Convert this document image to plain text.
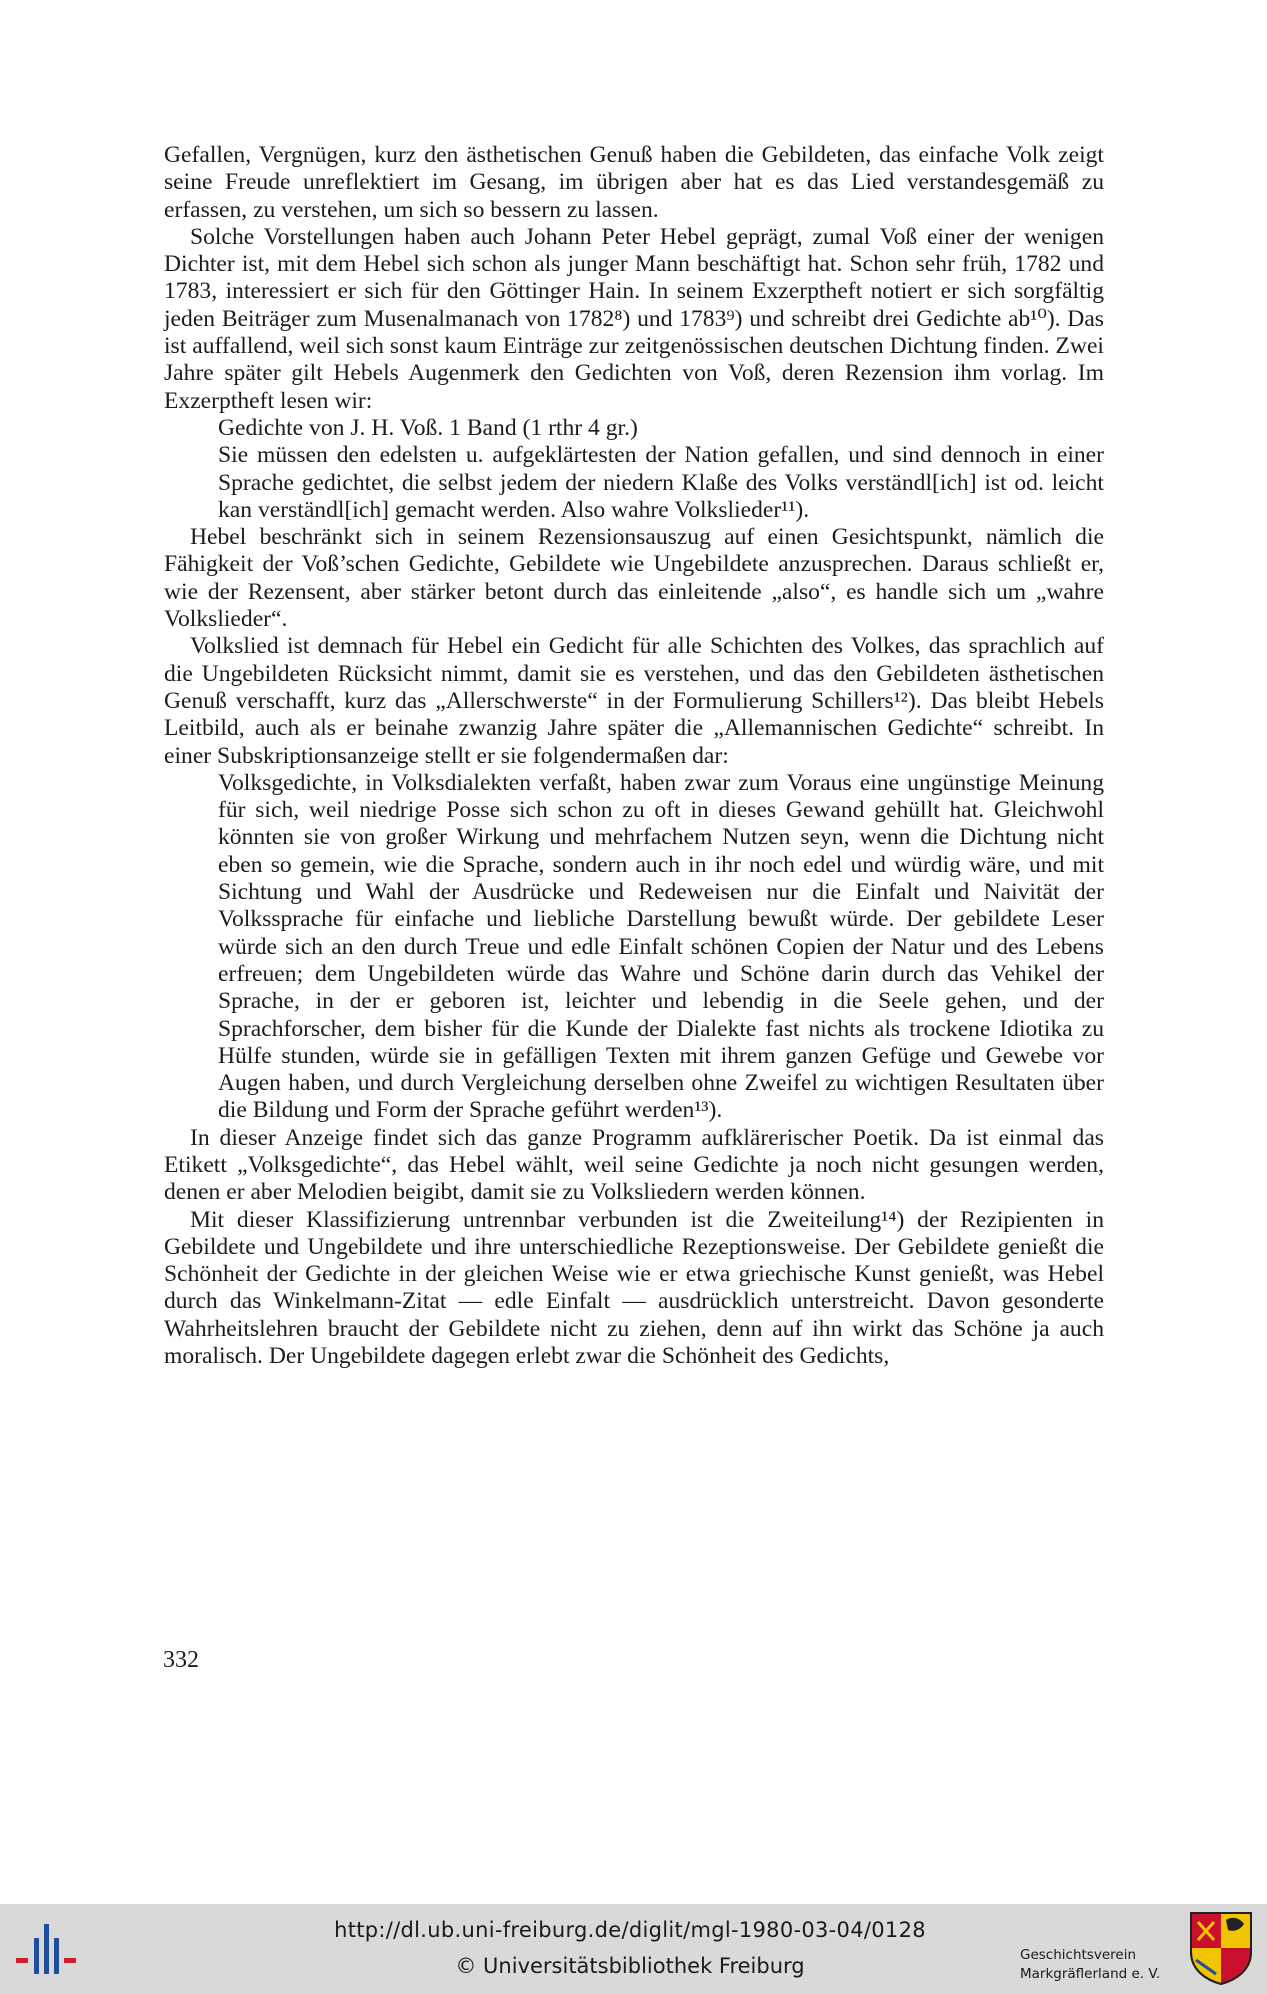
Gefallen, Vergnügen, kurz den ästhetischen Genuß haben die Gebildeten, das einfache Volk zeigt seine Freude unreflektiert im Gesang, im übrigen aber hat es das Lied verstandesgemäß zu erfassen, zu verstehen, um sich so bessern zu lassen.

Solche Vorstellungen haben auch Johann Peter Hebel geprägt, zumal Voß einer der wenigen Dichter ist, mit dem Hebel sich schon als junger Mann beschäftigt hat. Schon sehr früh, 1782 und 1783, interessiert er sich für den Göttinger Hain. In seinem Exzerptheft notiert er sich sorgfältig jeden Beiträger zum Musenalmanach von 1782⁸) und 1783⁹) und schreibt drei Gedichte ab¹⁰). Das ist auffallend, weil sich sonst kaum Einträge zur zeitgenössischen deutschen Dichtung finden. Zwei Jahre später gilt Hebels Augenmerk den Gedichten von Voß, deren Rezension ihm vorlag. Im Exzerptheft lesen wir:

Gedichte von J. H. Voß. 1 Band (1 rthr 4 gr.)

Sie müssen den edelsten u. aufgeklärtesten der Nation gefallen, und sind dennoch in einer Sprache gedichtet, die selbst jedem der niedern Klaße des Volks verständl[ich] ist od. leicht kan verständl[ich] gemacht werden. Also wahre Volkslieder¹¹).

Hebel beschränkt sich in seinem Rezensionsauszug auf einen Gesichtspunkt, nämlich die Fähigkeit der Voß’schen Gedichte, Gebildete wie Ungebildete anzusprechen. Daraus schließt er, wie der Rezensent, aber stärker betont durch das einleitende „also“, es handle sich um „wahre Volkslieder“.

Volkslied ist demnach für Hebel ein Gedicht für alle Schichten des Volkes, das sprachlich auf die Ungebildeten Rücksicht nimmt, damit sie es verstehen, und das den Gebildeten ästhetischen Genuß verschafft, kurz das „Allerschwerste“ in der Formulierung Schillers¹²). Das bleibt Hebels Leitbild, auch als er beinahe zwanzig Jahre später die „Allemannischen Gedichte“ schreibt. In einer Subskriptionsanzeige stellt er sie folgendermaßen dar:

Volksgedichte, in Volksdialekten verfaßt, haben zwar zum Voraus eine ungünstige Meinung für sich, weil niedrige Posse sich schon zu oft in dieses Gewand gehüllt hat. Gleichwohl könnten sie von großer Wirkung und mehrfachem Nutzen seyn, wenn die Dichtung nicht eben so gemein, wie die Sprache, sondern auch in ihr noch edel und würdig wäre, und mit Sichtung und Wahl der Ausdrücke und Redeweisen nur die Einfalt und Naivität der Volkssprache für einfache und liebliche Darstellung bewußt würde. Der gebildete Leser würde sich an den durch Treue und edle Einfalt schönen Copien der Natur und des Lebens erfreuen; dem Ungebildeten würde das Wahre und Schöne darin durch das Vehikel der Sprache, in der er geboren ist, leichter und lebendig in die Seele gehen, und der Sprachforscher, dem bisher für die Kunde der Dialekte fast nichts als trockene Idiotika zu Hülfe stunden, würde sie in gefälligen Texten mit ihrem ganzen Gefüge und Gewebe vor Augen haben, und durch Vergleichung derselben ohne Zweifel zu wichtigen Resultaten über die Bildung und Form der Sprache geführt werden¹³).

In dieser Anzeige findet sich das ganze Programm aufklärerischer Poetik. Da ist einmal das Etikett „Volksgedichte“, das Hebel wählt, weil seine Gedichte ja noch nicht gesungen werden, denen er aber Melodien beigibt, damit sie zu Volksliedern werden können.

Mit dieser Klassifizierung untrennbar verbunden ist die Zweiteilung¹⁴) der Rezipienten in Gebildete und Ungebildete und ihre unterschiedliche Rezeptionsweise. Der Gebildete genießt die Schönheit der Gedichte in der gleichen Weise wie er etwa griechische Kunst genießt, was Hebel durch das Winkelmann-Zitat — edle Einfalt — ausdrücklich unterstreicht. Davon gesonderte Wahrheitslehren braucht der Gebildete nicht zu ziehen, denn auf ihn wirkt das Schöne ja auch moralisch. Der Ungebildete dagegen erlebt zwar die Schönheit des Gedichts,

332
http://dl.ub.uni-freiburg.de/diglit/mgl-1980-03-04/0128
© Universitätsbibliothek Freiburg	Geschichtsverein
Markgräflerland e. V.
